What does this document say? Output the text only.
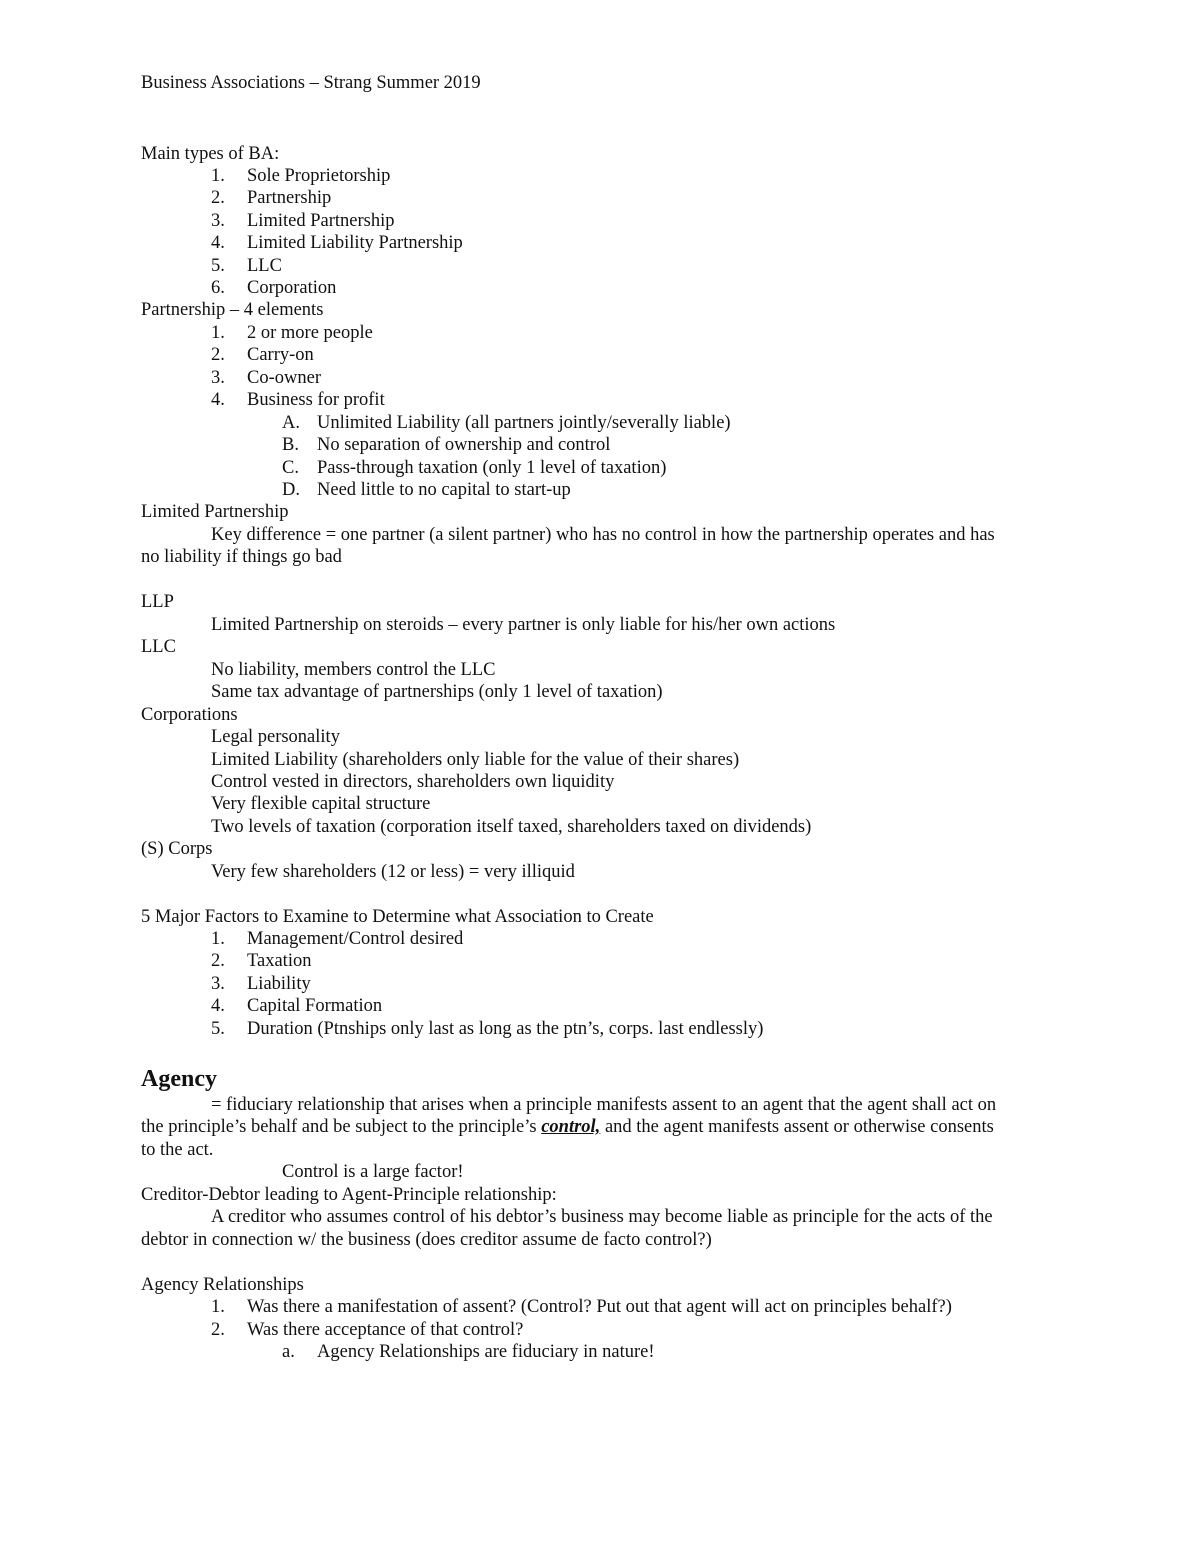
Business Associations – Strang Summer 2019
Main types of BA:
1. Sole Proprietorship
2. Partnership
3. Limited Partnership
4. Limited Liability Partnership
5. LLC
6. Corporation
Partnership – 4 elements
1. 2 or more people
2. Carry-on
3. Co-owner
4. Business for profit
A. Unlimited Liability (all partners jointly/severally liable)
B. No separation of ownership and control
C. Pass-through taxation (only 1 level of taxation)
D. Need little to no capital to start-up
Limited Partnership
Key difference = one partner (a silent partner) who has no control in how the partnership operates and has
no liability if things go bad
LLP
Limited Partnership on steroids – every partner is only liable for his/her own actions
LLC
No liability, members control the LLC
Same tax advantage of partnerships (only 1 level of taxation)
Corporations
Legal personality
Limited Liability (shareholders only liable for the value of their shares)
Control vested in directors, shareholders own liquidity
Very flexible capital structure
Two levels of taxation (corporation itself taxed, shareholders taxed on dividends)
(S) Corps
Very few shareholders (12 or less) = very illiquid
5 Major Factors to Examine to Determine what Association to Create
1. Management/Control desired
2. Taxation
3. Liability
4. Capital Formation
5. Duration (Ptnships only last as long as the ptn’s, corps. last endlessly)
Agency
= fiduciary relationship that arises when a principle manifests assent to an agent that the agent shall act on
the principle’s behalf and be subject to the principle’s control, and the agent manifests assent or otherwise consents
to the act.
Control is a large factor!
Creditor-Debtor leading to Agent-Principle relationship:
A creditor who assumes control of his debtor’s business may become liable as principle for the acts of the
debtor in connection w/ the business (does creditor assume de facto control?)
Agency Relationships
1. Was there a manifestation of assent? (Control? Put out that agent will act on principles behalf?)
2. Was there acceptance of that control?
a. Agency Relationships are fiduciary in nature!
